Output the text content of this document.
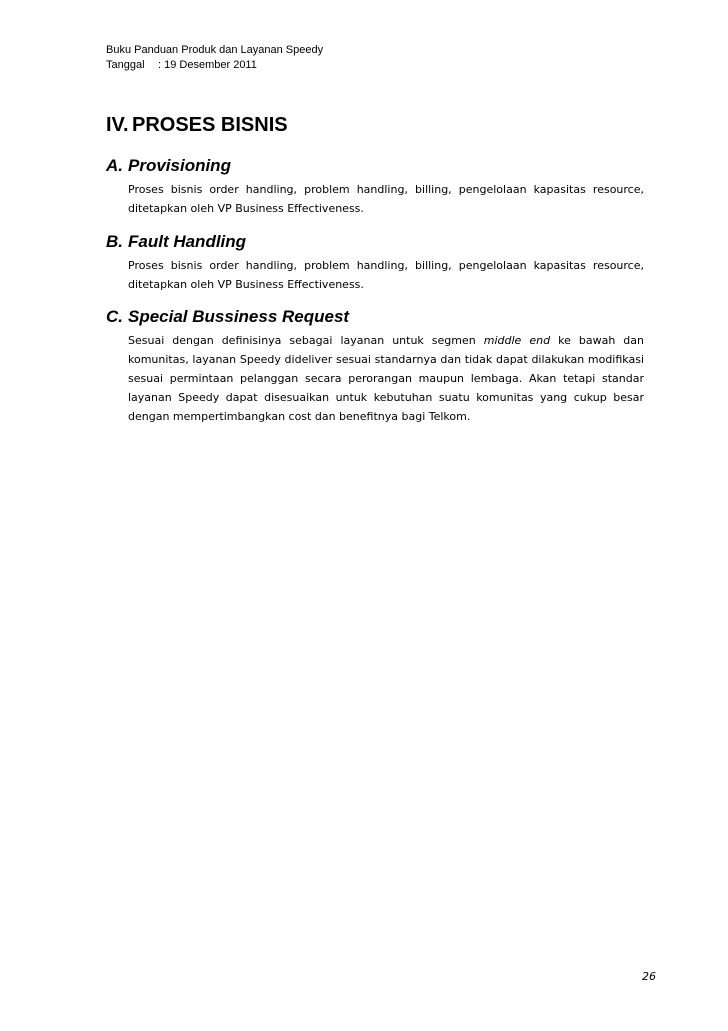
Buku Panduan Produk dan Layanan Speedy
Tanggal : 19 Desember 2011
IV. PROSES BISNIS
A. Provisioning
Proses bisnis order handling, problem handling, billing, pengelolaan kapasitas resource, ditetapkan oleh VP Business Effectiveness.
B. Fault Handling
Proses bisnis order handling, problem handling, billing, pengelolaan kapasitas resource, ditetapkan oleh VP Business Effectiveness.
C. Special Bussiness Request
Sesuai dengan definisinya sebagai layanan untuk segmen middle end ke bawah dan komunitas, layanan Speedy dideliver sesuai standarnya dan tidak dapat dilakukan modifikasi sesuai permintaan pelanggan secara perorangan maupun lembaga. Akan tetapi standar layanan Speedy dapat disesuaikan untuk kebutuhan suatu komunitas yang cukup besar dengan mempertimbangkan cost dan benefitnya bagi Telkom.
26
